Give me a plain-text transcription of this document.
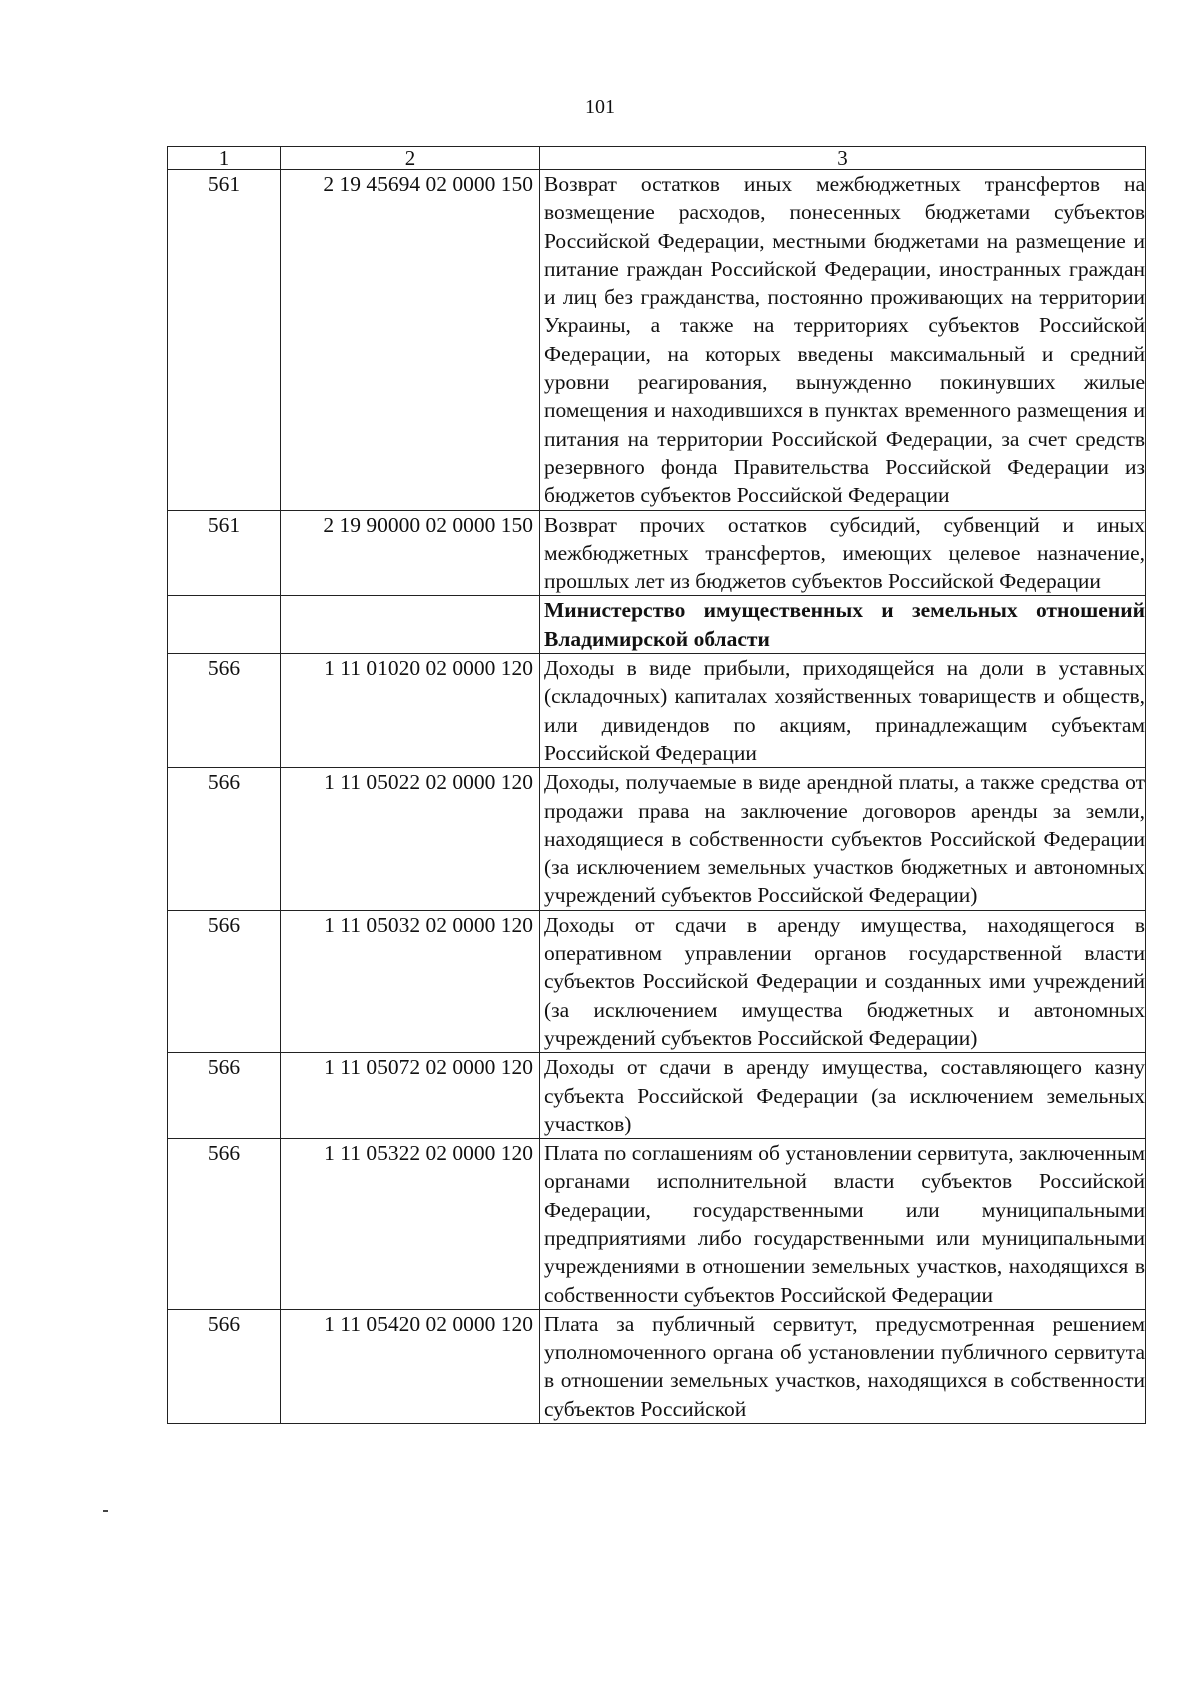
101
1	2	3
561	2 19 45694 02 0000 150	Возврат остатков иных межбюджетных трансфертов на возмещение расходов, понесенных бюджетами субъектов Российской Федерации, местными бюджетами на размещение и питание граждан Российской Федерации, иностранных граждан и лиц без гражданства, постоянно проживающих на территории Украины, а также на территориях субъектов Российской Федерации, на которых введены максимальный и средний уровни реагирования, вынужденно покинувших жилые помещения и находившихся в пунктах временного размещения и питания на территории Российской Федерации, за счет средств резервного фонда Правительства Российской Федерации из бюджетов субъектов Российской Федерации
561	2 19 90000 02 0000 150	Возврат прочих остатков субсидий, субвенций и иных межбюджетных трансфертов, имеющих целевое назначение, прошлых лет из бюджетов субъектов Российской Федерации
		Министерство имущественных и земельных отношений Владимирской области
566	1 11 01020 02 0000 120	Доходы в виде прибыли, приходящейся на доли в уставных (складочных) капиталах хозяйственных товариществ и обществ, или дивидендов по акциям, принадлежащим субъектам Российской Федерации
566	1 11 05022 02 0000 120	Доходы, получаемые в виде арендной платы, а также средства от продажи права на заключение договоров аренды за земли, находящиеся в собственности субъектов Российской Федерации (за исключением земельных участков бюджетных и автономных учреждений субъектов Российской Федерации)
566	1 11 05032 02 0000 120	Доходы от сдачи в аренду имущества, находящегося в оперативном управлении органов государственной власти субъектов Российской Федерации и созданных ими учреждений (за исключением имущества бюджетных и автономных учреждений субъектов Российской Федерации)
566	1 11 05072 02 0000 120	Доходы от сдачи в аренду имущества, составляющего казну субъекта Российской Федерации (за исключением земельных участков)
566	1 11 05322 02 0000 120	Плата по соглашениям об установлении сервитута, заключенным органами исполнительной власти субъектов Российской Федерации, государственными или муниципальными предприятиями либо государственными или муниципальными учреждениями в отношении земельных участков, находящихся в собственности субъектов Российской Федерации
566	1 11 05420 02 0000 120	Плата за публичный сервитут, предусмотренная решением уполномоченного органа об установлении публичного сервитута в отношении земельных участков, находящихся в собственности субъектов Российской
